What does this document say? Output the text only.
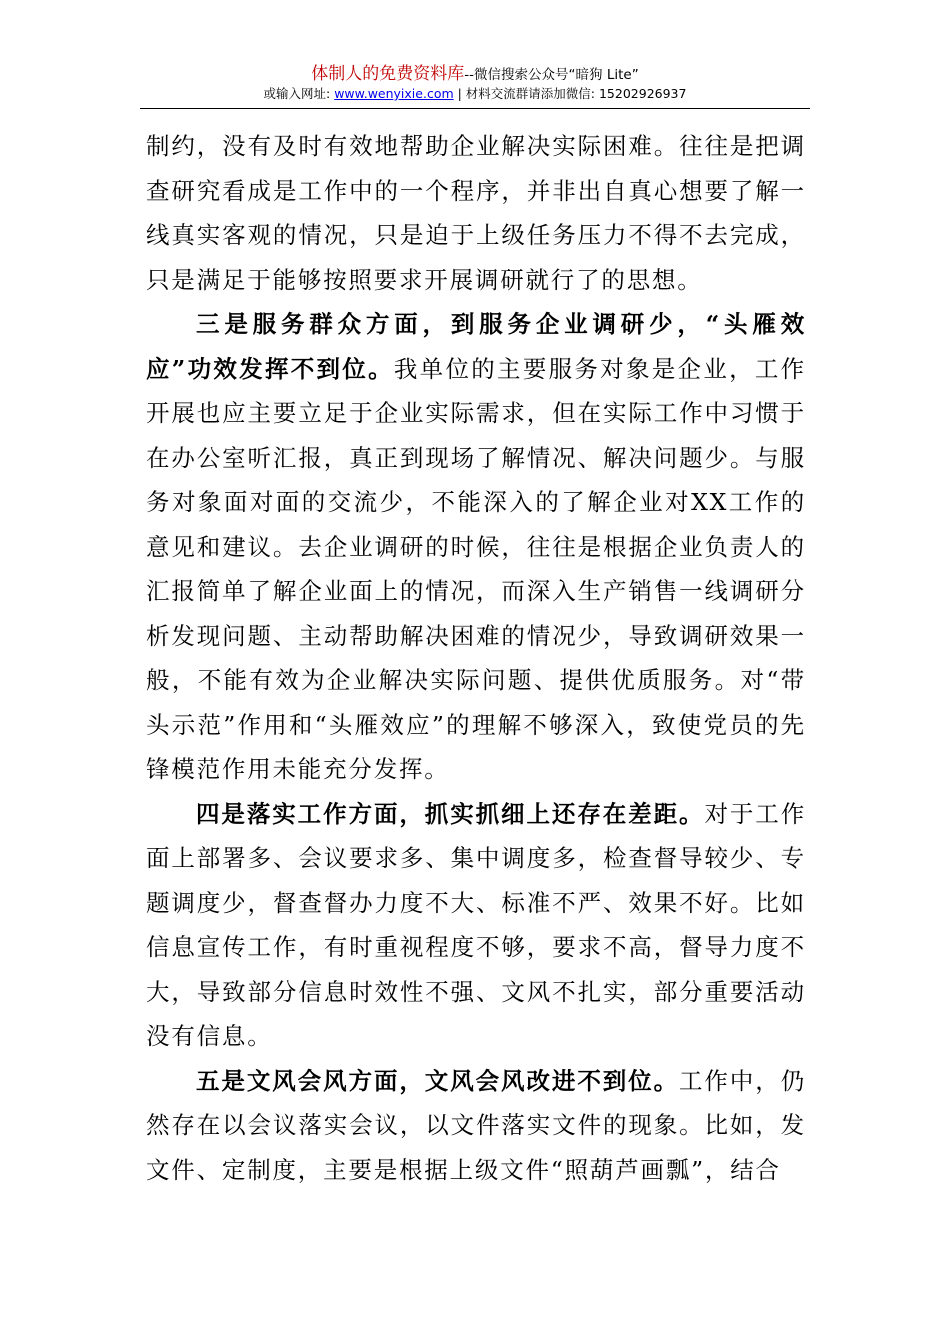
体制人的免费资料库--微信搜索公众号“暗狗 Lite”
或输入网址: www.wenyixie.com | 材料交流群请添加微信: 15202926937

制约，没有及时有效地帮助企业解决实际困难。往往是把调查研究看成是工作中的一个程序，并非出自真心想要了解一线真实客观的情况，只是迫于上级任务压力不得不去完成，只是满足于能够按照要求开展调研就行了的思想。

三是服务群众方面，到服务企业调研少，“头雁效应”功效发挥不到位。我单位的主要服务对象是企业，工作开展也应主要立足于企业实际需求，但在实际工作中习惯于在办公室听汇报，真正到现场了解情况、解决问题少。与服务对象面对面的交流少，不能深入的了解企业对XX工作的意见和建议。去企业调研的时候，往往是根据企业负责人的汇报简单了解企业面上的情况，而深入生产销售一线调研分析发现问题、主动帮助解决困难的情况少，导致调研效果一般，不能有效为企业解决实际问题、提供优质服务。对“带头示范”作用和“头雁效应”的理解不够深入，致使党员的先锋模范作用未能充分发挥。

四是落实工作方面，抓实抓细上还存在差距。对于工作面上部署多、会议要求多、集中调度多，检查督导较少、专题调度少，督查督办力度不大、标准不严、效果不好。比如信息宣传工作，有时重视程度不够，要求不高，督导力度不大，导致部分信息时效性不强、文风不扎实，部分重要活动没有信息。

五是文风会风方面，文风会风改进不到位。工作中，仍然存在以会议落实会议，以文件落实文件的现象。比如，发文件、定制度，主要是根据上级文件“照葫芦画瓢”，结合
